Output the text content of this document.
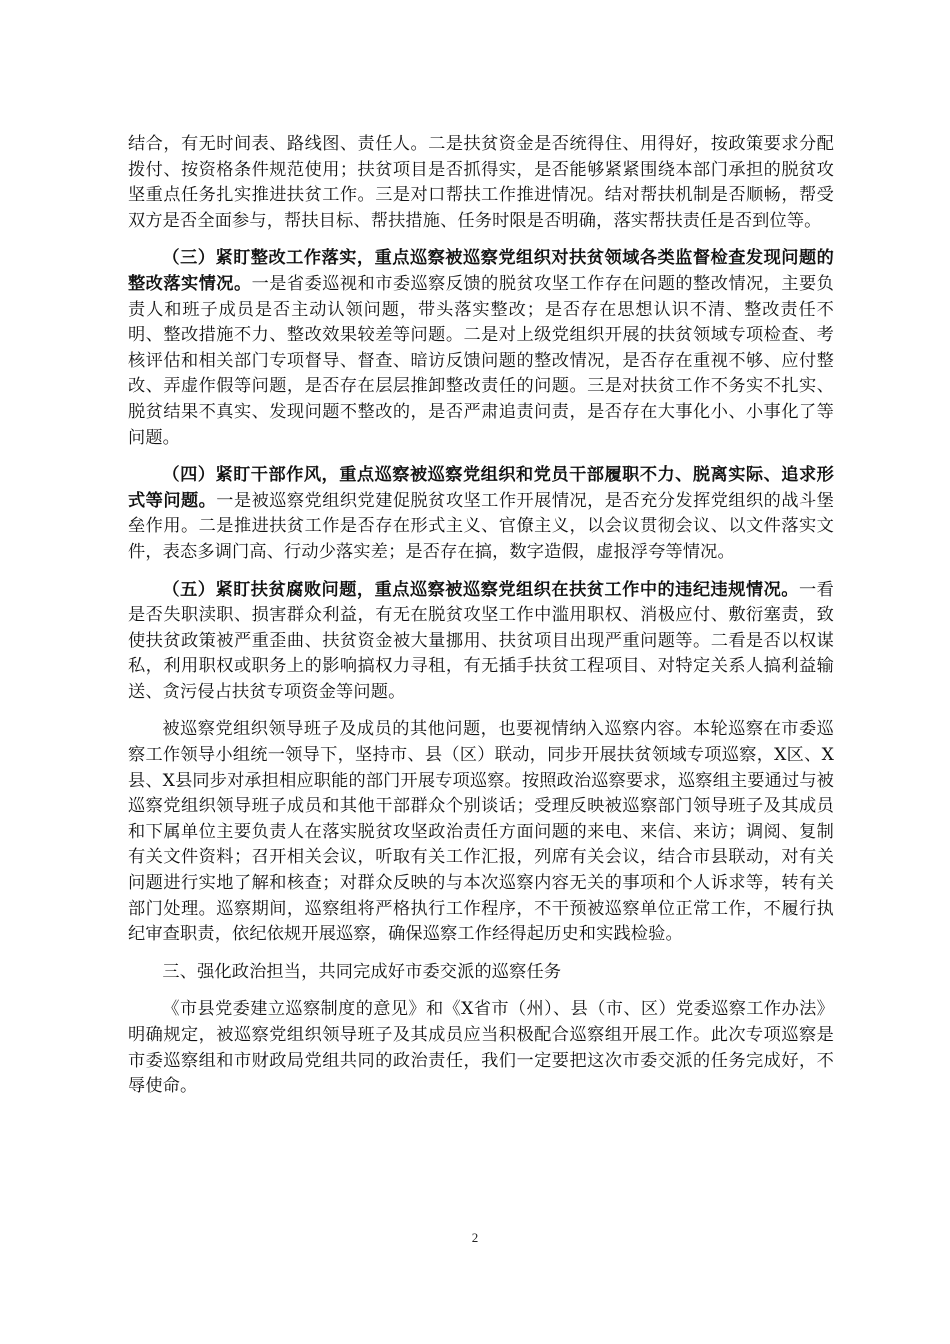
结合，有无时间表、路线图、责任人。二是扶贫资金是否统得住、用得好，按政策要求分配拨付、按资格条件规范使用；扶贫项目是否抓得实，是否能够紧紧围绕本部门承担的脱贫攻坚重点任务扎实推进扶贫工作。三是对口帮扶工作推进情况。结对帮扶机制是否顺畅，帮受双方是否全面参与，帮扶目标、帮扶措施、任务时限是否明确，落实帮扶责任是否到位等。

（三）紧盯整改工作落实，重点巡察被巡察党组织对扶贫领域各类监督检查发现问题的整改落实情况。一是省委巡视和市委巡察反馈的脱贫攻坚工作存在问题的整改情况，主要负责人和班子成员是否主动认领问题，带头落实整改；是否存在思想认识不清、整改责任不明、整改措施不力、整改效果较差等问题。二是对上级党组织开展的扶贫领域专项检查、考核评估和相关部门专项督导、督查、暗访反馈问题的整改情况，是否存在重视不够、应付整改、弄虚作假等问题，是否存在层层推卸整改责任的问题。三是对扶贫工作不务实不扎实、脱贫结果不真实、发现问题不整改的，是否严肃追责问责，是否存在大事化小、小事化了等问题。

（四）紧盯干部作风，重点巡察被巡察党组织和党员干部履职不力、脱离实际、追求形式等问题。一是被巡察党组织党建促脱贫攻坚工作开展情况，是否充分发挥党组织的战斗堡垒作用。二是推进扶贫工作是否存在形式主义、官僚主义，以会议贯彻会议、以文件落实文件，表态多调门高、行动少落实差；是否存在搞，数字造假，虚报浮夸等情况。

（五）紧盯扶贫腐败问题，重点巡察被巡察党组织在扶贫工作中的违纪违规情况。一看是否失职渎职、损害群众利益，有无在脱贫攻坚工作中滥用职权、消极应付、敷衍塞责，致使扶贫政策被严重歪曲、扶贫资金被大量挪用、扶贫项目出现严重问题等。二看是否以权谋私，利用职权或职务上的影响搞权力寻租，有无插手扶贫工程项目、对特定关系人搞利益输送、贪污侵占扶贫专项资金等问题。

被巡察党组织领导班子及成员的其他问题，也要视情纳入巡察内容。本轮巡察在市委巡察工作领导小组统一领导下，坚持市、县（区）联动，同步开展扶贫领域专项巡察，X区、X县、X县同步对承担相应职能的部门开展专项巡察。按照政治巡察要求，巡察组主要通过与被巡察党组织领导班子成员和其他干部群众个别谈话；受理反映被巡察部门领导班子及其成员和下属单位主要负责人在落实脱贫攻坚政治责任方面问题的来电、来信、来访；调阅、复制有关文件资料；召开相关会议，听取有关工作汇报，列席有关会议，结合市县联动，对有关问题进行实地了解和核查；对群众反映的与本次巡察内容无关的事项和个人诉求等，转有关部门处理。巡察期间，巡察组将严格执行工作程序，不干预被巡察单位正常工作，不履行执纪审查职责，依纪依规开展巡察，确保巡察工作经得起历史和实践检验。

三、强化政治担当，共同完成好市委交派的巡察任务

《市县党委建立巡察制度的意见》和《X省市（州）、县（市、区）党委巡察工作办法》明确规定，被巡察党组织领导班子及其成员应当积极配合巡察组开展工作。此次专项巡察是市委巡察组和市财政局党组共同的政治责任，我们一定要把这次市委交派的任务完成好，不辱使命。

2
